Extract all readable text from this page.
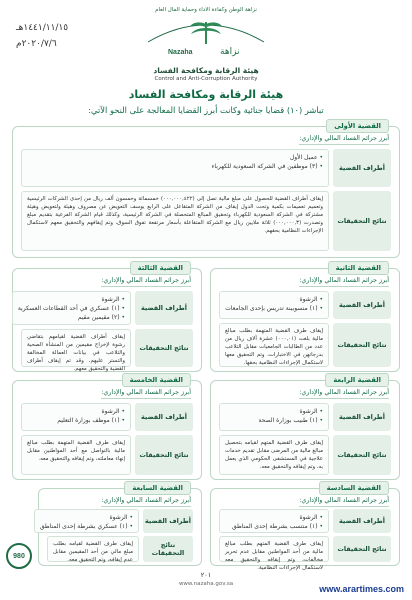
١٤٤١/١١/١٥هـ
٢٠٢٠/٧/٦م
نزاهة الوطن وكفاءة الاداء وحماية المال العام
نزاهة
Nazaha
هيئة الرقابة ومكافحة الفساد
Control and Anti-Corruption Authority
هيئة الرقابة ومكافحة الفساد
تباشر (١٠) قضايا جنائية وكانت أبرز القضايا المعالجة على النحو الآتي:
القضية الأولى
أبرز جرائم الفساد المالي والإداري:
أطراف القضية
• عميل الأول
• (٣) موظفين في الشركة السعودية للكهرباء
نتائج التحقيقات
إيقاف أطراف القضية للحصول على مبلغ مالية تصل إلى (٠٠٠,٠٠٠,٤٢٢) خمسمائة وخمسون ألف ريال من إحدى الشركات الرئيسية وتعميم تعميمات بكمية وتحت الدول إيقاف من الشركة المتقاعل على الرابع يوسف التعويض عن مصروف وهيئة ولتعويض وهيئة مشتركة في الشركة السعودية للكهرباء وتحقيق المبالغ المتحصلة في الشركة الرئيسية، وكذلك قيام الشركة الفرعية بتقديم مبلغ وتصدرت (٠٠٠,٠٠٠,٣) ثلاثة ملايين ريال مع الشركة المتقاعلة بأسعار مرتفعة تفوق السوق، وتم إيقافهم والتحقيق معهم لاستكمال الإجراءات النظامية بحقهم.
القضية الثانية
أبرز جرائم الفساد المالي والإداري:
أطراف القضية
• الرشوة
• (١) منسوبينة تدريس بإحدى الجامعات
نتائج التحقيقات
إيقاف طرف القضية المتهمة بطلب مبالغ مالية بلغت (٠٠٠,٠١) عشرة آلاف ريال من عدد من الطالبات الجامعيات مقابل التلاعب بدرجاتهن في الاختبارات، وتم التحقيق معها لاستكمال الإجراءات النظامية بحقها.
القضية الثالثة
أبرز جرائم الفساد المالي والإداري:
أطراف القضية
• الرشوة
• (١) عسكري في أحد القطاعات العسكرية
• (٢) مقيمين مقيم
نتائج التحقيقات
إيقاف أطراف القضية لقيامهم بتقاضي رشوة لإخراج مقيمين من المنشأة الصحية والتلاعب في بيانات العمالة المخالفة والتستر عليهم، وقد تم إيقاف أطراف القضية والتحقيق معهم.
القضية الرابعة
أبرز جرائم الفساد المالي والإداري:
أطراف القضية
• الرشوة
• (١) طبيب بوزارة الصحة
نتائج التحقيقات
إيقاف طرف القضية المتهم لقيامه بتحصيل مبالغ مالية من المرضى مقابل تقديم خدمات علاجية في المستشفى الحكومي الذي يعمل به، وتم إيقافه والتحقيق معه.
القضية الخامسة
أبرز جرائم الفساد المالي والإداري:
أطراف القضية
• الرشوة
• (١) موظف بوزارة التعليم
نتائج التحقيقات
إيقاف طرف القضية المتهمة بطلب مبالغ مالية بالتواصل مع أحد المواطنين مقابل إنهاء معاملته، وتم إيقافه والتحقيق معه.
القضية السادسة
أبرز جرائم الفساد المالي والإداري:
أطراف القضية
• الرشوة
• (١) منتسب بشرطة إحدى المناطق
نتائج التحقيقات
إيقاف طرف القضية المتهم بطلب مبالغ مالية من أحد المواطنين مقابل عدم تحرير مخالفات، وتم إيقافه والتحقيق معه لاستكمال الإجراءات النظامية.
القضية السابعة
أبرز جرائم الفساد المالي والإداري:
أطراف القضية
• الرشوة
• (١) عسكري بشرطة إحدى المناطق
نتائج التحقيقات
إيقاف طرف القضية لقيامه بطلب مبلغ مالي من أحد المقيمين مقابل عدم إيقافه، وتم التحقيق معه.
980
٢٠١
www.nazaha.gov.sa	www.arartimes.com
